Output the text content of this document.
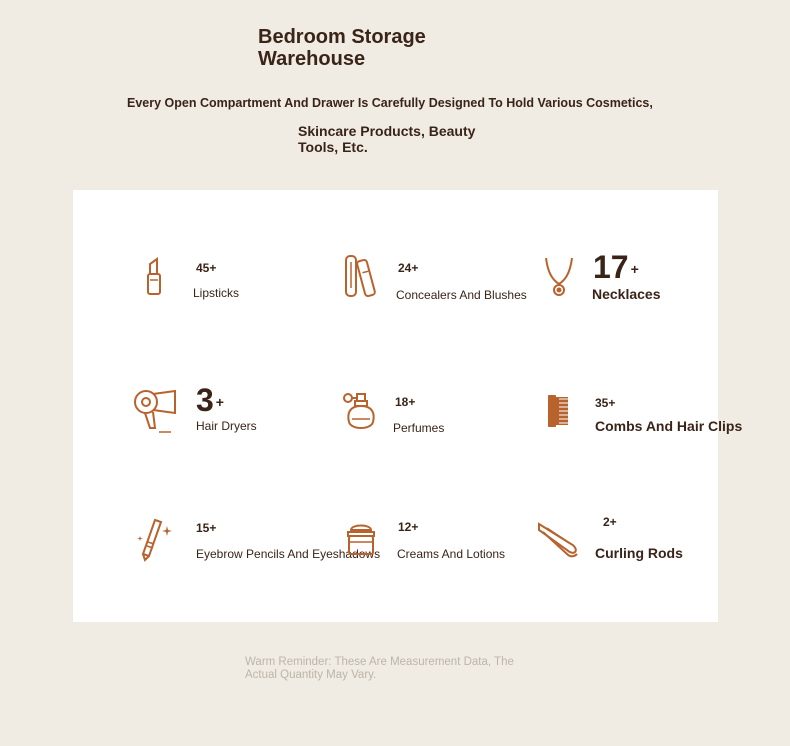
Bedroom Storage
Warehouse
Every Open Compartment And Drawer Is Carefully Designed To Hold Various Cosmetics,
Skincare Products, Beauty
Tools, Etc.
45+
Lipsticks
24+
Concealers And Blushes
17 +
Necklaces
3 +
Hair Dryers
18+
Perfumes
35+
Combs And Hair Clips
15+
Eyebrow Pencils And Eyeshadows
12+
Creams And Lotions
2+
Curling Rods
Warm Reminder: These Are Measurement Data, The
Actual Quantity May Vary.
